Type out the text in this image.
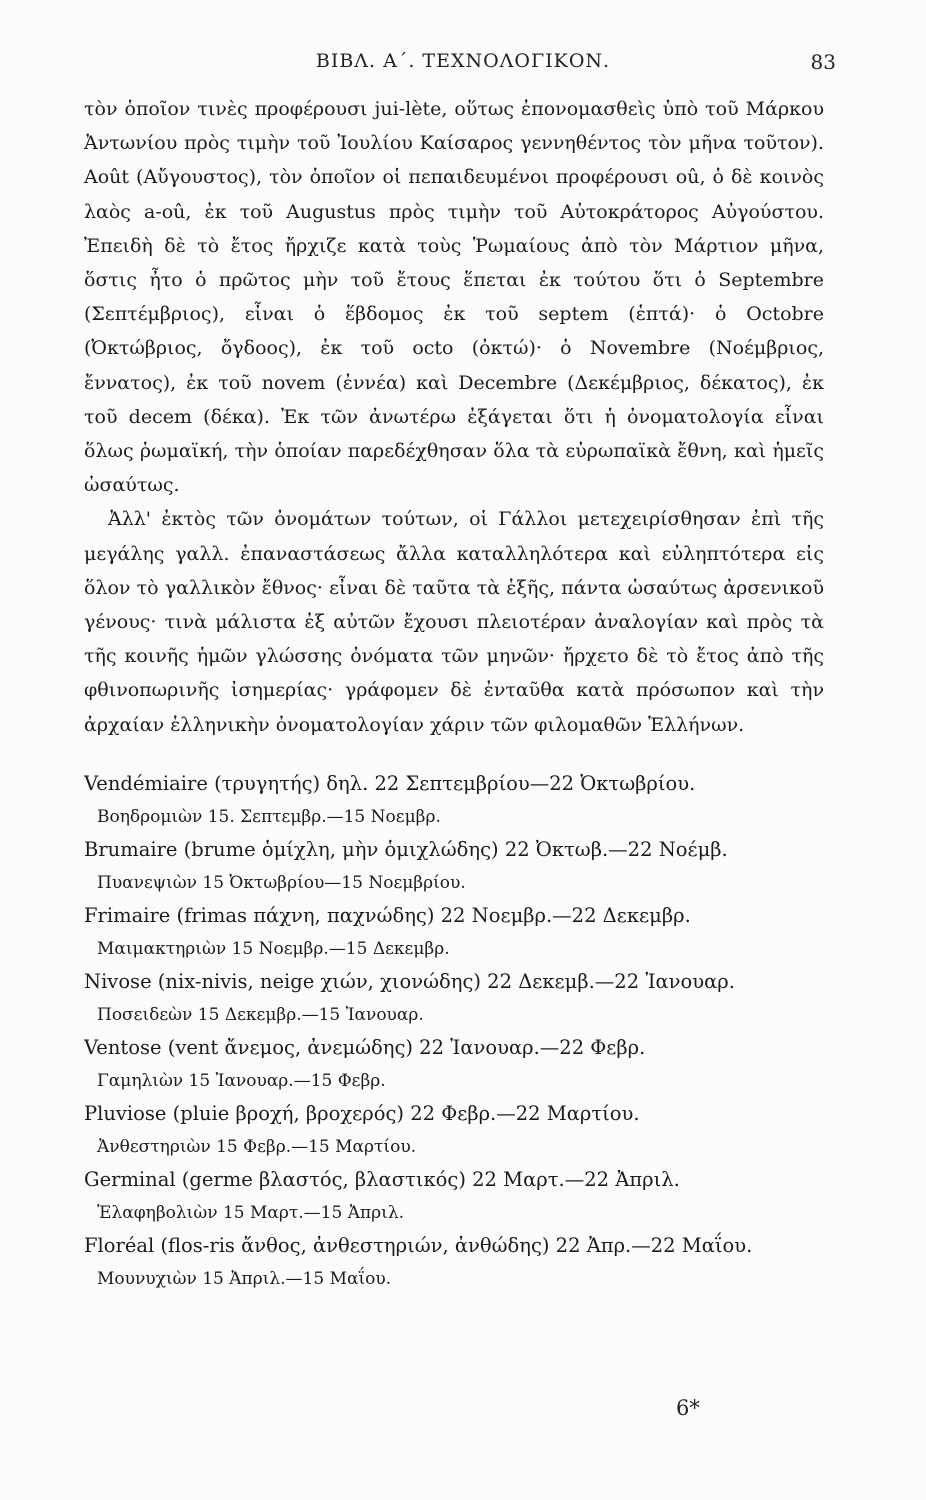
ΒΙΒΛ. Α΄. ΤΕΧΝΟΛΟΓΙΚΟΝ.	83

τὸν ὁποῖον τινὲς προφέρουσι jui-lète, οὕτως ἐπονομασθεὶς ὑπὸ τοῦ Μάρκου Ἀντωνίου πρὸς τιμὴν τοῦ Ἰουλίου Καίσαρος γεννηθέντος τὸν μῆνα τοῦτον). Août (Αὔγουστος), τὸν ὁποῖον οἱ πεπαιδευμένοι προφέρουσι οû, ὁ δὲ κοινὸς λαὸς a-oû, ἐκ τοῦ Augustus πρὸς τιμὴν τοῦ Αὐτοκράτορος Αὐγούστου. Ἐπειδὴ δὲ τὸ ἔτος ἤρχιζε κατὰ τοὺς Ῥωμαίους ἀπὸ τὸν Μάρτιον μῆνα, ὅστις ἦτο ὁ πρῶτος μὴν τοῦ ἔτους ἕπεται ἐκ τούτου ὅτι ὁ Septembre (Σεπτέμβριος), εἶναι ὁ ἕβδομος ἐκ τοῦ septem (ἑπτά)· ὁ Octobre (Ὀκτώβριος, ὄγδοος), ἐκ τοῦ octo (ὀκτώ)· ὁ Novembre (Νοέμβριος, ἔννατος), ἐκ τοῦ novem (ἐννέα) καὶ Decembre (Δεκέμβριος, δέκατος), ἐκ τοῦ decem (δέκα). Ἐκ τῶν ἀνωτέρω ἐξάγεται ὅτι ἡ ὀνοματολογία εἶναι ὅλως ῥωμαϊκή, τὴν ὁποίαν παρεδέχθησαν ὅλα τὰ εὐρωπαϊκὰ ἔθνη, καὶ ἡμεῖς ὡσαύτως.

Ἀλλ' ἐκτὸς τῶν ὀνομάτων τούτων, οἱ Γάλλοι μετεχειρίσθησαν ἐπὶ τῆς μεγάλης γαλλ. ἐπαναστάσεως ἄλλα καταλληλότερα καὶ εὐληπτότερα εἰς ὅλον τὸ γαλλικὸν ἔθνος· εἶναι δὲ ταῦτα τὰ ἑξῆς, πάντα ὡσαύτως ἀρσενικοῦ γένους· τινὰ μάλιστα ἐξ αὐτῶν ἔχουσι πλειοτέραν ἀναλογίαν καὶ πρὸς τὰ τῆς κοινῆς ἡμῶν γλώσσης ὀνόματα τῶν μηνῶν· ἤρχετο δὲ τὸ ἔτος ἀπὸ τῆς φθινοπωρινῆς ἰσημερίας· γράφομεν δὲ ἐνταῦθα κατὰ πρόσωπον καὶ τὴν ἀρχαίαν ἑλληνικὴν ὀνοματολογίαν χάριν τῶν φιλομαθῶν Ἑλλήνων.

Vendémiaire (τρυγητής) δηλ. 22 Σεπτεμβρίου—22 Ὀκτωβρίου.
Βοηδρομιὼν 15. Σεπτεμβρ.—15 Νοεμβρ.
Brumaire (brume ὁμίχλη, μὴν ὁμιχλώδης) 22 Ὀκτωβ.—22 Νοέμβ.
Πυανεψιὼν 15 Ὀκτωβρίου—15 Νοεμβρίου.
Frimaire (frimas πάχνη, παχνώδης) 22 Νοεμβρ.—22 Δεκεμβρ.
Μαιμακτηριὼν 15 Νοεμβρ.—15 Δεκεμβρ.
Nivose (nix-nivis, neige χιών, χιονώδης) 22 Δεκεμβ.—22 Ἰανουαρ.
Ποσειδεὼν 15 Δεκεμβρ.—15 Ἰανουαρ.
Ventose (vent ἄνεμος, ἀνεμώδης) 22 Ἰανουαρ.—22 Φεβρ.
Γαμηλιὼν 15 Ἰανουαρ.—15 Φεβρ.
Pluviose (pluie βροχή, βροχερός) 22 Φεβρ.—22 Μαρτίου.
Ἀνθεστηριὼν 15 Φεβρ.—15 Μαρτίου.
Germinal (germe βλαστός, βλαστικός) 22 Μαρτ.—22 Ἀπριλ.
Ἐλαφηβολιὼν 15 Μαρτ.—15 Ἀπριλ.
Floréal (flos-ris ἄνθος, ἀνθεστηριών, ἀνθώδης) 22 Ἀπρ.—22 Μαΐου.
Μουνυχιὼν 15 Ἀπριλ.—15 Μαΐου.
6*
